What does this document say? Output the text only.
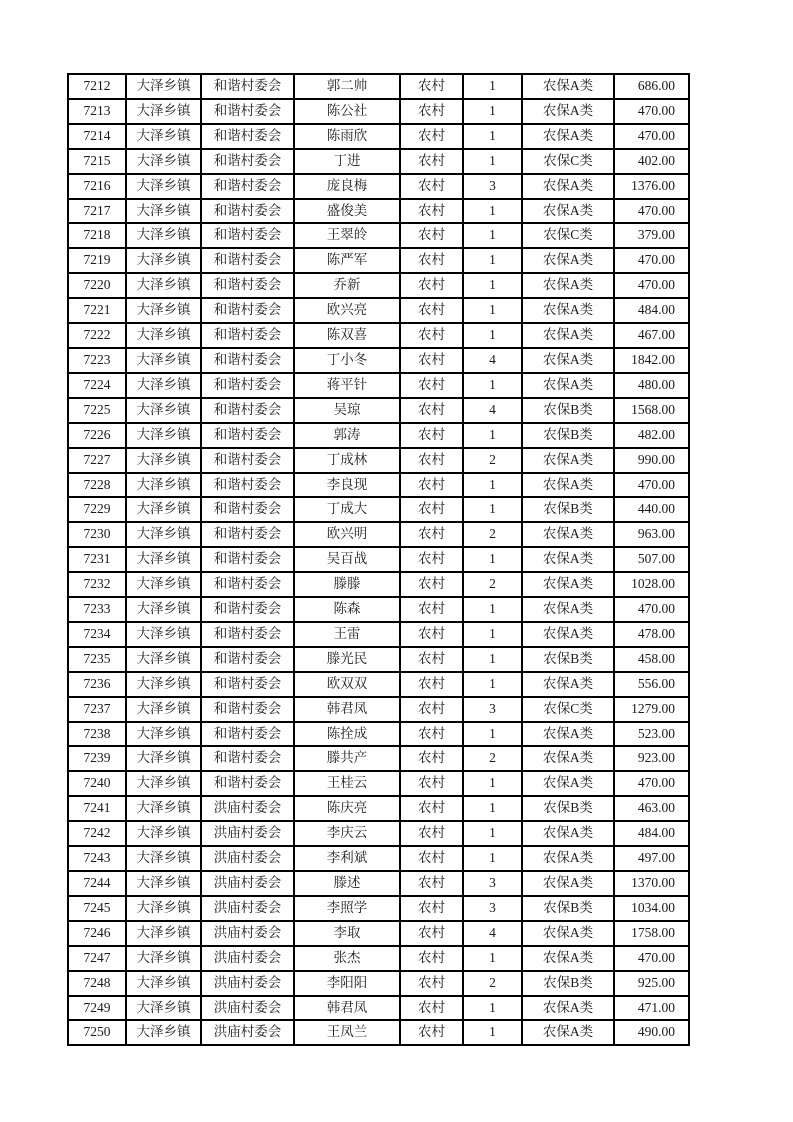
7212	大泽乡镇	和谐村委会	郭二帅	农村	1	农保A类	686.00
7213	大泽乡镇	和谐村委会	陈公社	农村	1	农保A类	470.00
7214	大泽乡镇	和谐村委会	陈雨欣	农村	1	农保A类	470.00
7215	大泽乡镇	和谐村委会	丁进	农村	1	农保C类	402.00
7216	大泽乡镇	和谐村委会	庞良梅	农村	3	农保A类	1376.00
7217	大泽乡镇	和谐村委会	盛俊美	农村	1	农保A类	470.00
7218	大泽乡镇	和谐村委会	王翠皊	农村	1	农保C类	379.00
7219	大泽乡镇	和谐村委会	陈严军	农村	1	农保A类	470.00
7220	大泽乡镇	和谐村委会	乔新	农村	1	农保A类	470.00
7221	大泽乡镇	和谐村委会	欧兴亮	农村	1	农保A类	484.00
7222	大泽乡镇	和谐村委会	陈双喜	农村	1	农保A类	467.00
7223	大泽乡镇	和谐村委会	丁小冬	农村	4	农保A类	1842.00
7224	大泽乡镇	和谐村委会	蒋平针	农村	1	农保A类	480.00
7225	大泽乡镇	和谐村委会	吴琼	农村	4	农保B类	1568.00
7226	大泽乡镇	和谐村委会	郭涛	农村	1	农保B类	482.00
7227	大泽乡镇	和谐村委会	丁成林	农村	2	农保A类	990.00
7228	大泽乡镇	和谐村委会	李良现	农村	1	农保A类	470.00
7229	大泽乡镇	和谐村委会	丁成大	农村	1	农保B类	440.00
7230	大泽乡镇	和谐村委会	欧兴明	农村	2	农保A类	963.00
7231	大泽乡镇	和谐村委会	吴百战	农村	1	农保A类	507.00
7232	大泽乡镇	和谐村委会	滕滕	农村	2	农保A类	1028.00
7233	大泽乡镇	和谐村委会	陈森	农村	1	农保A类	470.00
7234	大泽乡镇	和谐村委会	王雷	农村	1	农保A类	478.00
7235	大泽乡镇	和谐村委会	滕光民	农村	1	农保B类	458.00
7236	大泽乡镇	和谐村委会	欧双双	农村	1	农保A类	556.00
7237	大泽乡镇	和谐村委会	韩君凤	农村	3	农保C类	1279.00
7238	大泽乡镇	和谐村委会	陈拴成	农村	1	农保A类	523.00
7239	大泽乡镇	和谐村委会	滕共产	农村	2	农保A类	923.00
7240	大泽乡镇	和谐村委会	王桂云	农村	1	农保A类	470.00
7241	大泽乡镇	洪庙村委会	陈庆亮	农村	1	农保B类	463.00
7242	大泽乡镇	洪庙村委会	李庆云	农村	1	农保A类	484.00
7243	大泽乡镇	洪庙村委会	李利斌	农村	1	农保A类	497.00
7244	大泽乡镇	洪庙村委会	滕述	农村	3	农保A类	1370.00
7245	大泽乡镇	洪庙村委会	李照学	农村	3	农保B类	1034.00
7246	大泽乡镇	洪庙村委会	李取	农村	4	农保A类	1758.00
7247	大泽乡镇	洪庙村委会	张杰	农村	1	农保A类	470.00
7248	大泽乡镇	洪庙村委会	李阳阳	农村	2	农保B类	925.00
7249	大泽乡镇	洪庙村委会	韩君凤	农村	1	农保A类	471.00
7250	大泽乡镇	洪庙村委会	王凤兰	农村	1	农保A类	490.00
